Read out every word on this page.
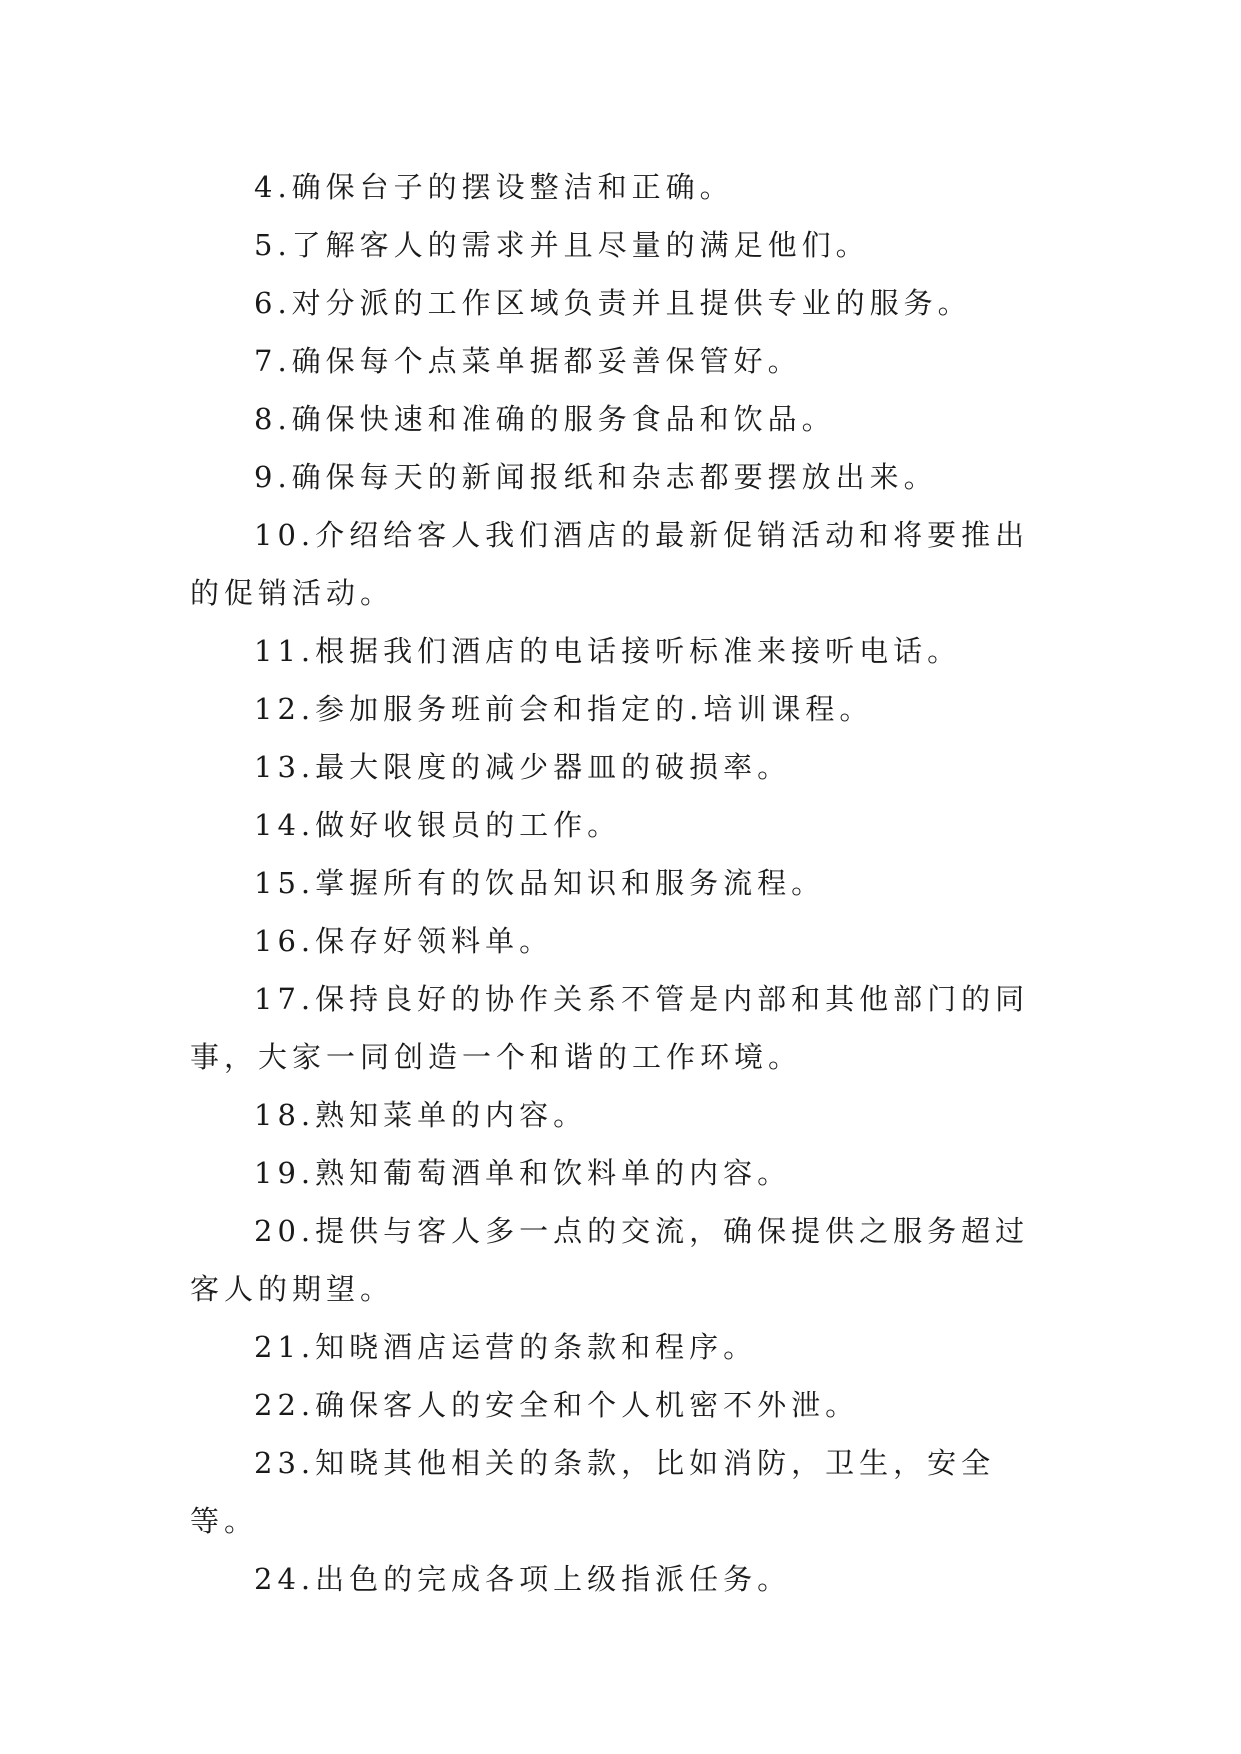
4.确保台子的摆设整洁和正确。

5.了解客人的需求并且尽量的满足他们。

6.对分派的工作区域负责并且提供专业的服务。

7.确保每个点菜单据都妥善保管好。

8.确保快速和准确的服务食品和饮品。

9.确保每天的新闻报纸和杂志都要摆放出来。

10.介绍给客人我们酒店的最新促销活动和将要推出的促销活动。

11.根据我们酒店的电话接听标准来接听电话。

12.参加服务班前会和指定的.培训课程。

13.最大限度的减少器皿的破损率。

14.做好收银员的工作。

15.掌握所有的饮品知识和服务流程。

16.保存好领料单。

17.保持良好的协作关系不管是内部和其他部门的同事，大家一同创造一个和谐的工作环境。

18.熟知菜单的内容。

19.熟知葡萄酒单和饮料单的内容。

20.提供与客人多一点的交流，确保提供之服务超过客人的期望。

21.知晓酒店运营的条款和程序。

22.确保客人的安全和个人机密不外泄。

23.知晓其他相关的条款，比如消防，卫生，安全等。

24.出色的完成各项上级指派任务。
